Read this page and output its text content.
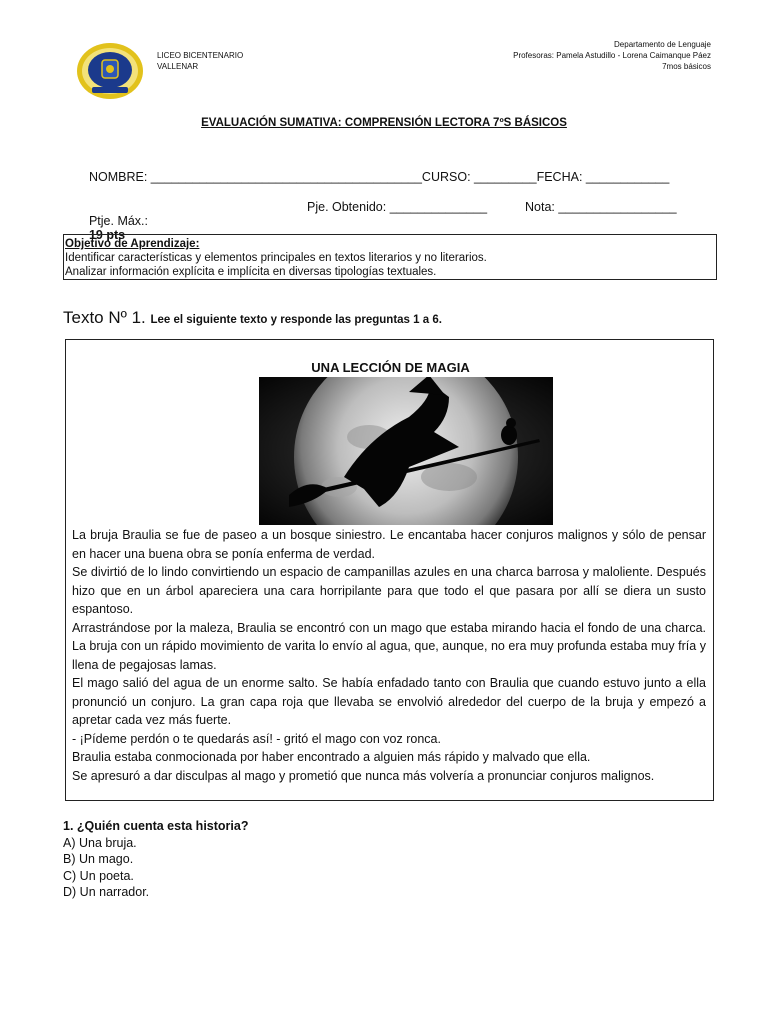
LICEO BICENTENARIO
VALLENAR
Departamento de Lenguaje
Profesoras: Pamela Astudillo - Lorena Caimanque Páez
7mos básicos
EVALUACIÓN SUMATIVA: COMPRENSIÓN LECTORA 7ºS BÁSICOS
NOMBRE: _______________________________________CURSO: _________FECHA: ____________

Ptje. Máx.:
19 pts

Pje. Obtenido: ______________	Nota: _________________
Objetivo de Aprendizaje:
Identificar características y elementos principales en textos literarios y no literarios.
Analizar información explícita e implícita en diversas tipologías textuales.
Texto Nº 1. Lee el siguiente texto y responde las preguntas 1 a 6.
UNA LECCIÓN DE MAGIA

La bruja Braulia se fue de paseo a un bosque siniestro. Le encantaba hacer conjuros malignos y sólo de pensar en hacer una buena obra se ponía enferma de verdad.

Se divirtió de lo lindo convirtiendo un espacio de campanillas azules en una charca barrosa y maloliente. Después hizo que en un árbol apareciera una cara horripilante para que todo el que pasara por allí se diera un susto espantoso.

Arrastrándose por la maleza, Braulia se encontró con un mago que estaba mirando hacia el fondo de una charca. La bruja con un rápido movimiento de varita lo envío al agua, que, aunque, no era muy profunda estaba muy fría y llena de pegajosas lamas.

El mago salió del agua de un enorme salto. Se había enfadado tanto con Braulia que cuando estuvo junto a ella pronunció un conjuro. La gran capa roja que llevaba se envolvió alrededor del cuerpo de la bruja y empezó a apretar cada vez más fuerte.

- ¡Pídeme perdón o te quedarás así! - gritó el mago con voz ronca.

Braulia estaba conmocionada por haber encontrado a alguien más rápido y malvado que ella.

Se apresuró a dar disculpas al mago y prometió que nunca más volvería a pronunciar conjuros malignos.

1. ¿Quién cuenta esta historia?
A) Una bruja.
B) Un mago.
C) Un poeta.
D) Un narrador.
